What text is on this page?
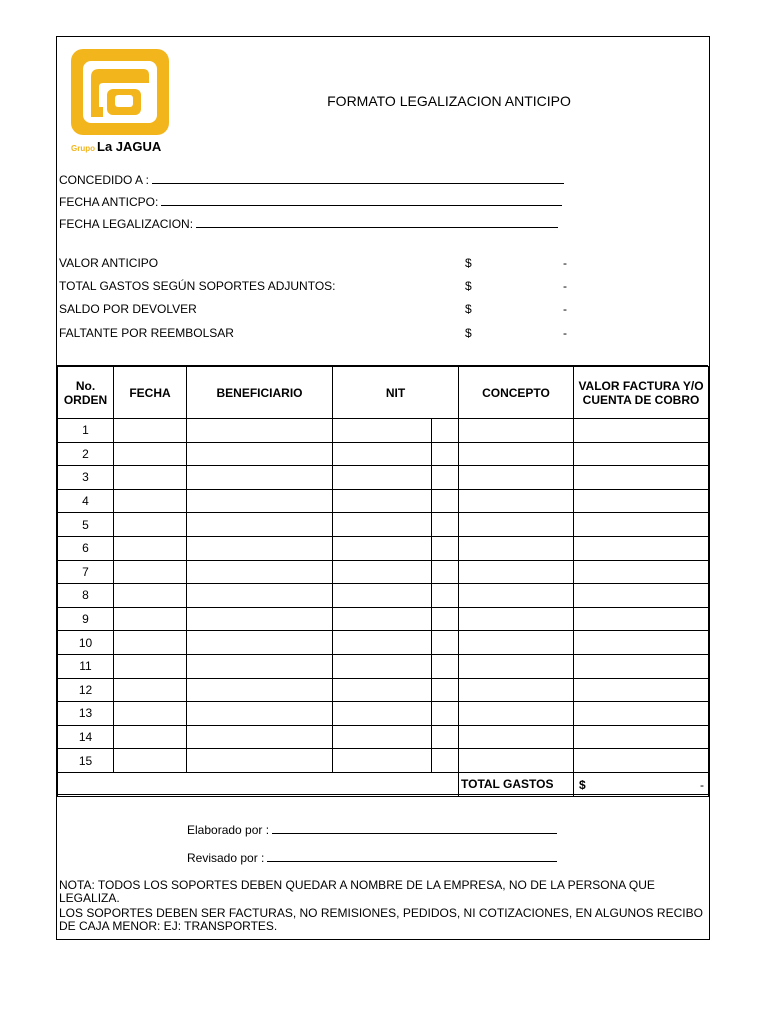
Grupo La JAGUA
FORMATO LEGALIZACION ANTICIPO
CONCEDIDO A :
FECHA ANTICPO:
FECHA LEGALIZACION:
VALOR ANTICIPO	$	-
TOTAL GASTOS SEGÚN SOPORTES ADJUNTOS:	$	-
SALDO POR DEVOLVER	$	-
FALTANTE POR REEMBOLSAR	$	-
No. ORDEN	FECHA	BENEFICIARIO	NIT		CONCEPTO	VALOR FACTURA Y/O CUENTA DE COBRO
1						
2						
3						
4						
5						
6						
7						
8						
9						
10						
11						
12						
13						
14						
15						
					TOTAL GASTOS	$ -
Elaborado por :
Revisado por :
NOTA: TODOS LOS SOPORTES DEBEN QUEDAR A NOMBRE DE LA EMPRESA, NO DE LA PERSONA QUE LEGALIZA.
LOS SOPORTES DEBEN SER FACTURAS, NO REMISIONES, PEDIDOS, NI COTIZACIONES, EN ALGUNOS RECIBO DE CAJA MENOR: EJ: TRANSPORTES.
